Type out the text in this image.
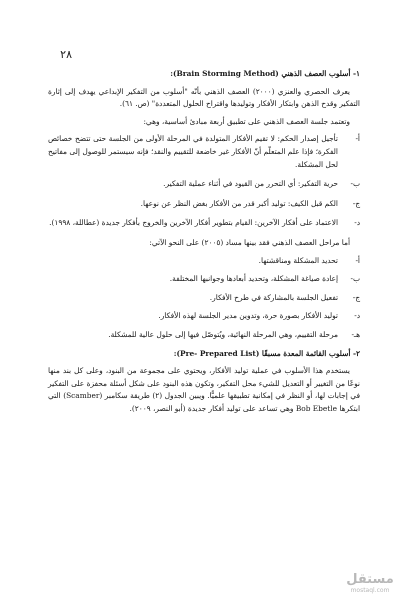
٢٨

١- أسلوب العصف الذهني (Brain Storming Method):

يعرف الحصري والعنزي (٢٠٠٠) العصف الذهني بأنّه "أسلوب من التفكير الإبداعي يهدف إلى إثارة التفكير وقدح الذهن وابتكار الأفكار وتوليدها واقتراح الحلول المتعددة" (ص. ٦١).

وتعتمد جلسة العصف الذهني على تطبيق أربعة مبادئ أساسية، وهي:

أ-
تأجيل إصدار الحكم: لا تقيم الأفكار المتولدة في المرحلة الأولى من الجلسة حتى تتضح خصائص الفكرة؛ فإذا علم المتعلّم أنّ الأفكار غير خاضعة للتقييم والنقد؛ فإنه سيستمر للوصول إلى مفاتيح لحل المشكلة.
ب-
حرية التفكير: أي التحرر من القيود في أثناء عملية التفكير.
ج-
الكم قبل الكيف: توليد أكبر قدر من الأفكار بغض النظر عن نوعها.
د-
الاعتماد على أفكار الآخرين: القيام بتطوير أفكار الآخرين والخروج بأفكار جديدة (عطاللة، ١٩٩٨).

أما مراحل العصف الذهني فقد بينها مساد (٢٠٠٥) على النحو الآتي:

أ-
تحديد المشكلة ومناقشتها.
ب-
إعادة صياغة المشكلة، وتحديد أبعادها وجوانبها المختلفة.
ج-
تفعيل الجلسة بالمشاركة في طرح الأفكار.
د-
توليد الأفكار بصورة حرة، وتدوين مدير الجلسة لهذه الأفكار.
هـ-
مرحلة التقييم، وهي المرحلة النهائية، ويُتوصّل فيها إلى حلول عالية للمشكلة.

٢- أسلوب القائمة المعدة مسبقًا (Pre- Prepared List):

يستخدم هذا الأسلوب في عملية توليد الأفكار، ويحتوي على مجموعة من البنود، وعلى كل بند منها نوعًا من التغيير أو التعديل للشيء محل التفكير، وتكون هذه البنود على شكل أسئلة محفزة على التفكير في إجابات لها، أو النظر في إمكانية تطبيقها علميًّا. ويبين الجدول (٢) طريقة سكامبر (Scamber) التي ابتكرها Bob Ebetle وهي تساعد على توليد أفكار جديدة (أبو النصر، ٢٠٠٩).

مستقل
mostaql.com
